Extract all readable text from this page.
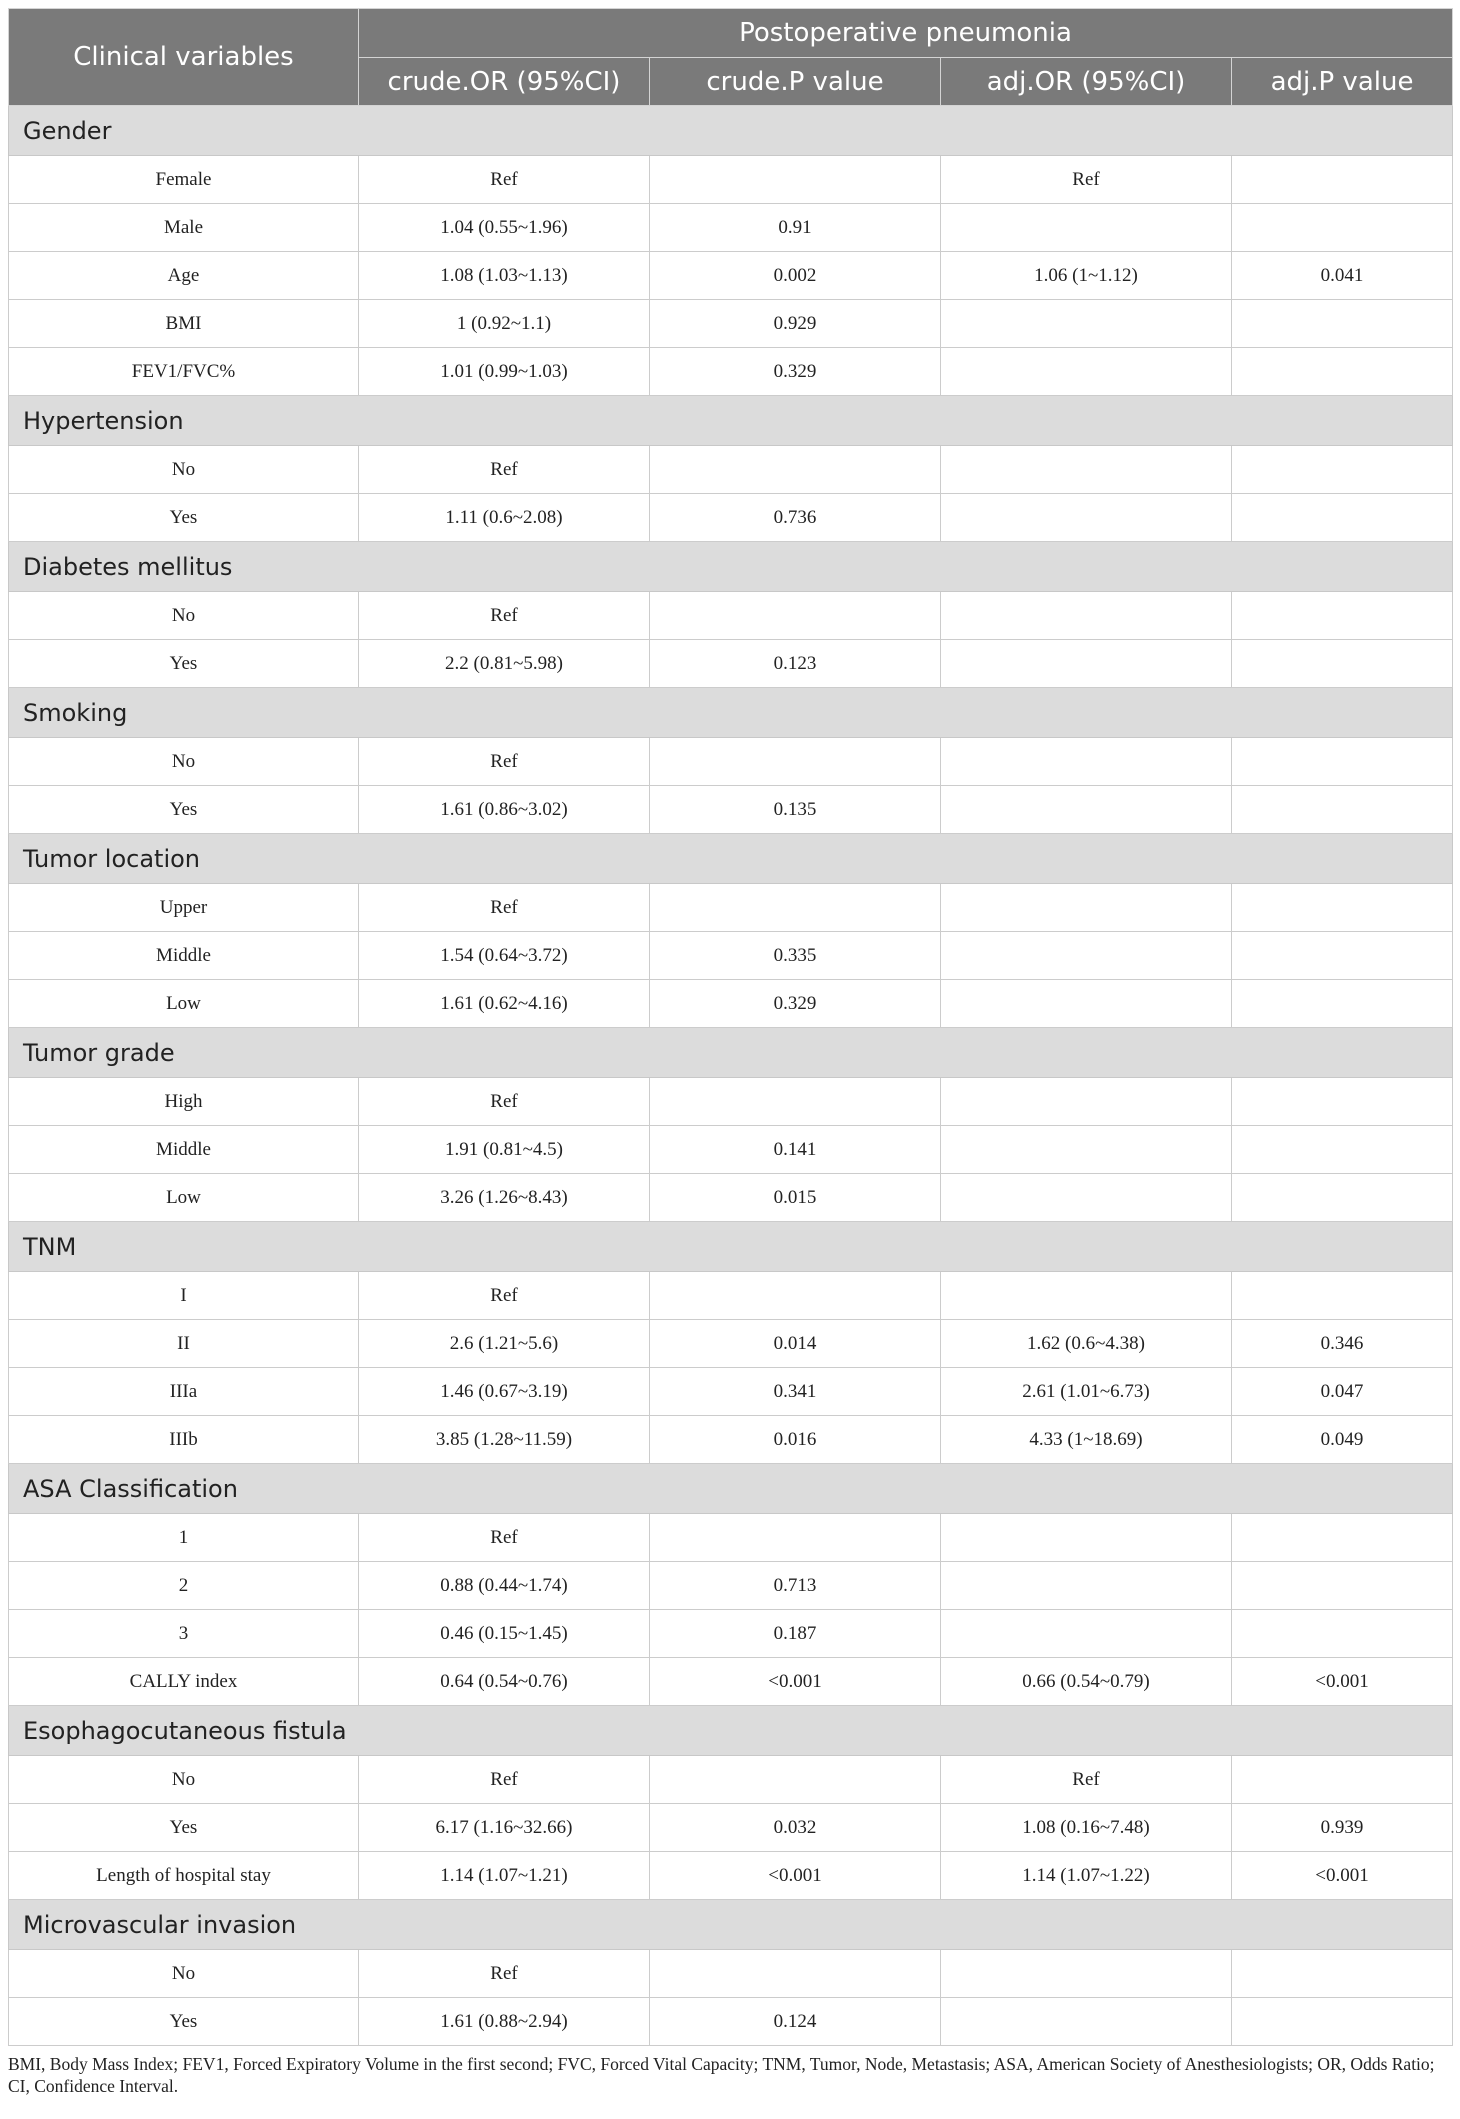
Clinical variables	Postoperative pneumonia			
	crude.OR (95%CI)	crude.P value	adj.OR (95%CI)	adj.P value
Gender				
Female	Ref		Ref	
Male	1.04 (0.55~1.96)	0.91		
Age	1.08 (1.03~1.13)	0.002	1.06 (1~1.12)	0.041
BMI	1 (0.92~1.1)	0.929		
FEV1/FVC%	1.01 (0.99~1.03)	0.329		
Hypertension				
No	Ref			
Yes	1.11 (0.6~2.08)	0.736		
Diabetes mellitus				
No	Ref			
Yes	2.2 (0.81~5.98)	0.123		
Smoking				
No	Ref			
Yes	1.61 (0.86~3.02)	0.135		
Tumor location				
Upper	Ref			
Middle	1.54 (0.64~3.72)	0.335		
Low	1.61 (0.62~4.16)	0.329		
Tumor grade				
High	Ref			
Middle	1.91 (0.81~4.5)	0.141		
Low	3.26 (1.26~8.43)	0.015		
TNM				
I	Ref			
II	2.6 (1.21~5.6)	0.014	1.62 (0.6~4.38)	0.346
IIIa	1.46 (0.67~3.19)	0.341	2.61 (1.01~6.73)	0.047
IIIb	3.85 (1.28~11.59)	0.016	4.33 (1~18.69)	0.049
ASA Classification				
1	Ref			
2	0.88 (0.44~1.74)	0.713		
3	0.46 (0.15~1.45)	0.187		
CALLY index	0.64 (0.54~0.76)	<0.001	0.66 (0.54~0.79)	<0.001
Esophagocutaneous fistula				
No	Ref		Ref	
Yes	6.17 (1.16~32.66)	0.032	1.08 (0.16~7.48)	0.939
Length of hospital stay	1.14 (1.07~1.21)	<0.001	1.14 (1.07~1.22)	<0.001
Microvascular invasion				
No	Ref			
Yes	1.61 (0.88~2.94)	0.124		
BMI, Body Mass Index; FEV1, Forced Expiratory Volume in the first second; FVC, Forced Vital Capacity; TNM, Tumor, Node, Metastasis; ASA, American Society of Anesthesiologists; OR, Odds Ratio; CI, Confidence Interval.
